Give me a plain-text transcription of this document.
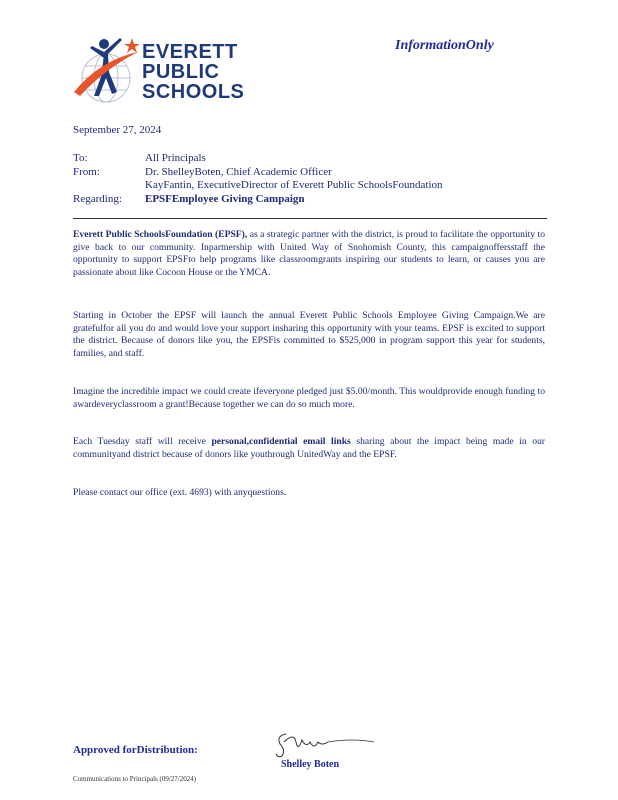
EVERETT
PUBLIC
SCHOOLS
InformationOnly
September 27, 2024
To:	All Principals
From:	Dr. ShelleyBoten, Chief Academic Officer
KayFantin, ExecutiveDirector of Everett Public SchoolsFoundation
Regarding: EPSFEmployee Giving Campaign
Everett Public SchoolsFoundation (EPSF), as a strategic partner with the district, is proud to facilitate the opportunity to give back to our community. Inpartnership with United Way of Snohomish County, this campaignoffersstaff the opportunity to support EPSFto help programs like classroomgrants inspiring our students to learn, or causes you are passionate about like Cocoon House or the YMCA.
Starting in October the EPSF will launch the annual Everett Public Schools Employee Giving Campaign.We are gratefulfor all you do and would love your support insharing this opportunity with your teams. EPSF is excited to support the district. Because of donors like you, the EPSFis committed to $525,000 in program support this year for students, families, and staff.
Imagine the incredible impact we could create ifeveryone pledged just $5.00/month. This wouldprovide enough funding to awardeveryclassroom a grant!Because together we can do so much more.
Each Tuesday staff will receive personal,confidential email links sharing about the impact being made in our communityand district because of donors like youthrough UnitedWay and the EPSF.
Please contact our office (ext. 4693) with anyquestions.
Approved forDistribution:
Shelley Boten
Communications to Principals (09/27/2024)
